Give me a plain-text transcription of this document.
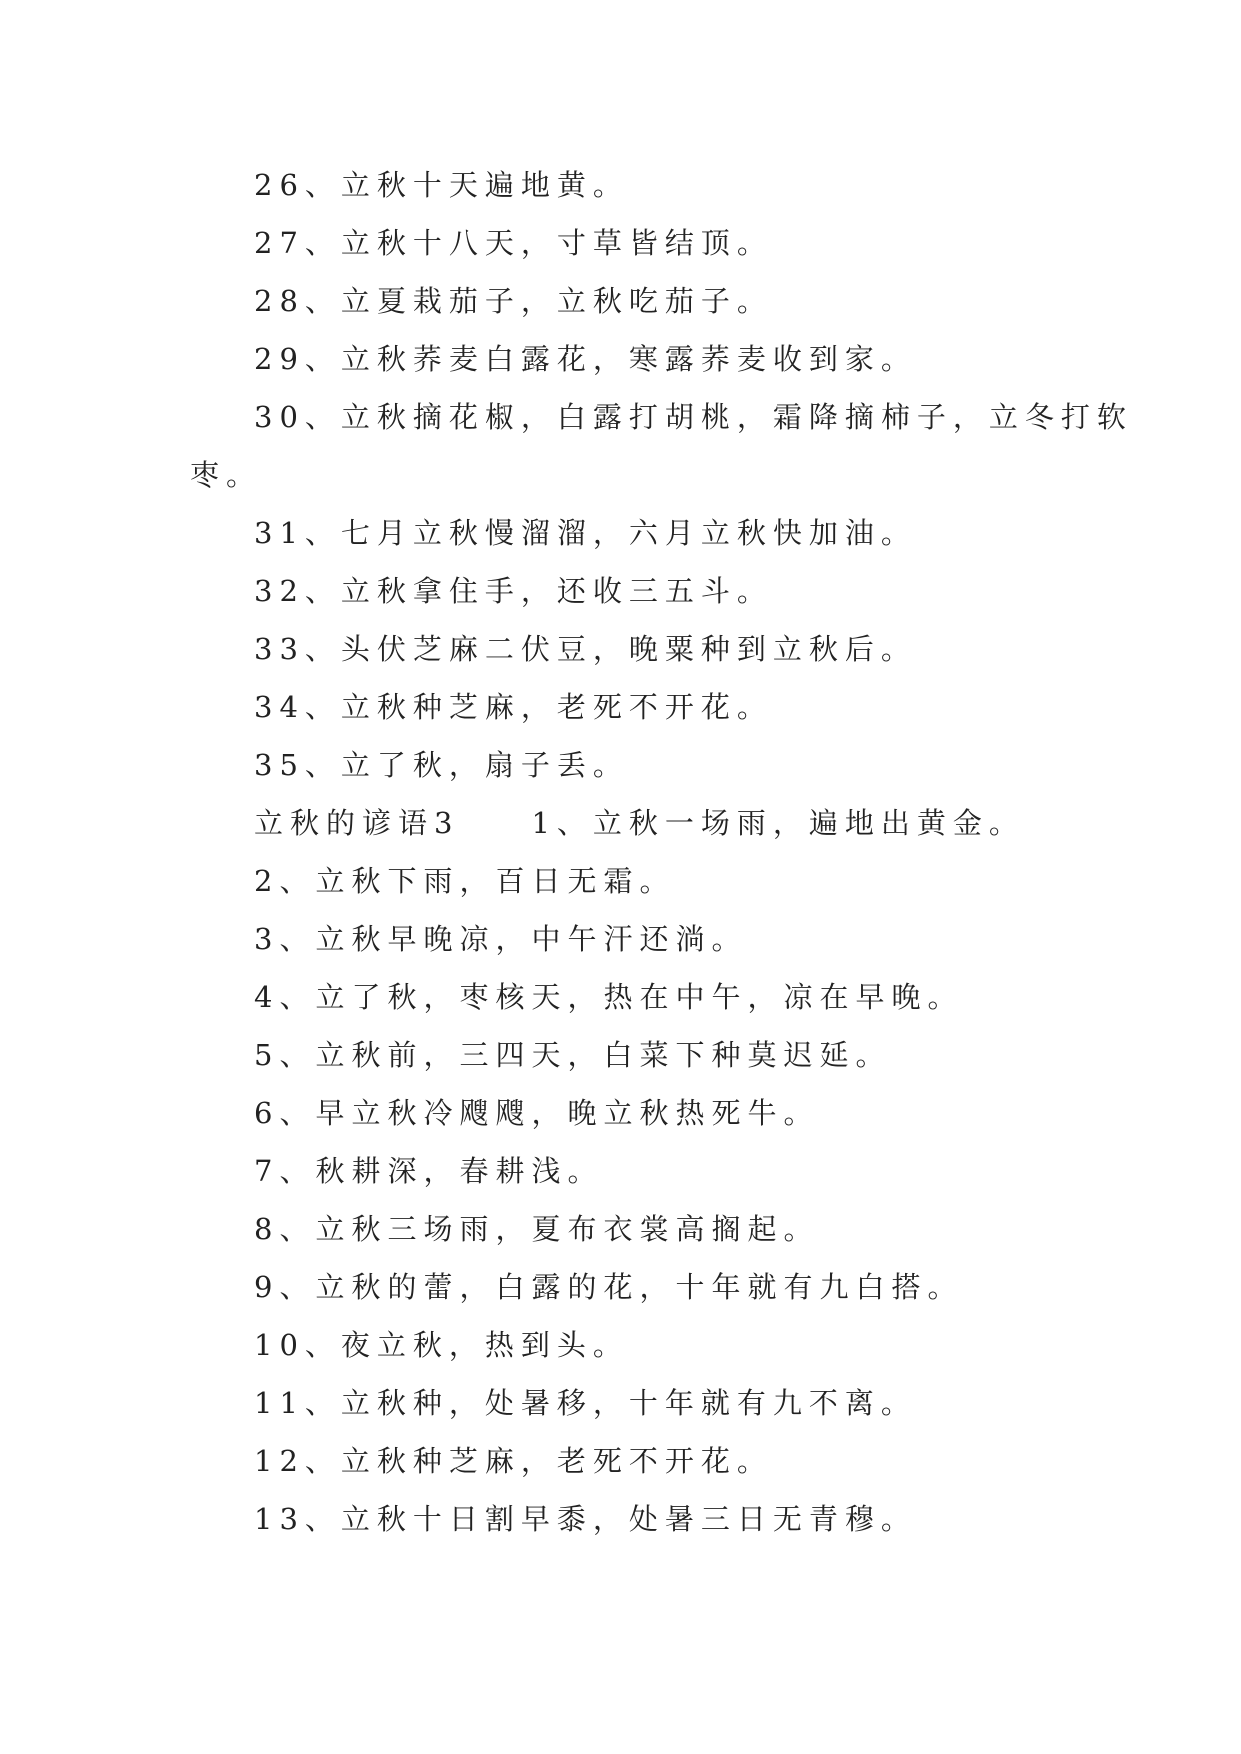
26、立秋十天遍地黄。
27、立秋十八天，寸草皆结顶。
28、立夏栽茄子，立秋吃茄子。
29、立秋荞麦白露花，寒露荞麦收到家。
30、立秋摘花椒，白露打胡桃，霜降摘柿子，立冬打软
枣。
31、七月立秋慢溜溜，六月立秋快加油。
32、立秋拿住手，还收三五斗。
33、头伏芝麻二伏豆，晚粟种到立秋后。
34、立秋种芝麻，老死不开花。
35、立了秋，扇子丢。
立秋的谚语3　　1、立秋一场雨，遍地出黄金。
2、立秋下雨，百日无霜。
3、立秋早晚凉，中午汗还淌。
4、立了秋，枣核天，热在中午，凉在早晚。
5、立秋前，三四天，白菜下种莫迟延。
6、早立秋冷飕飕，晚立秋热死牛。
7、秋耕深，春耕浅。
8、立秋三场雨，夏布衣裳高搁起。
9、立秋的蕾，白露的花，十年就有九白搭。
10、夜立秋，热到头。
11、立秋种，处暑移，十年就有九不离。
12、立秋种芝麻，老死不开花。
13、立秋十日割早黍，处暑三日无青穆。
